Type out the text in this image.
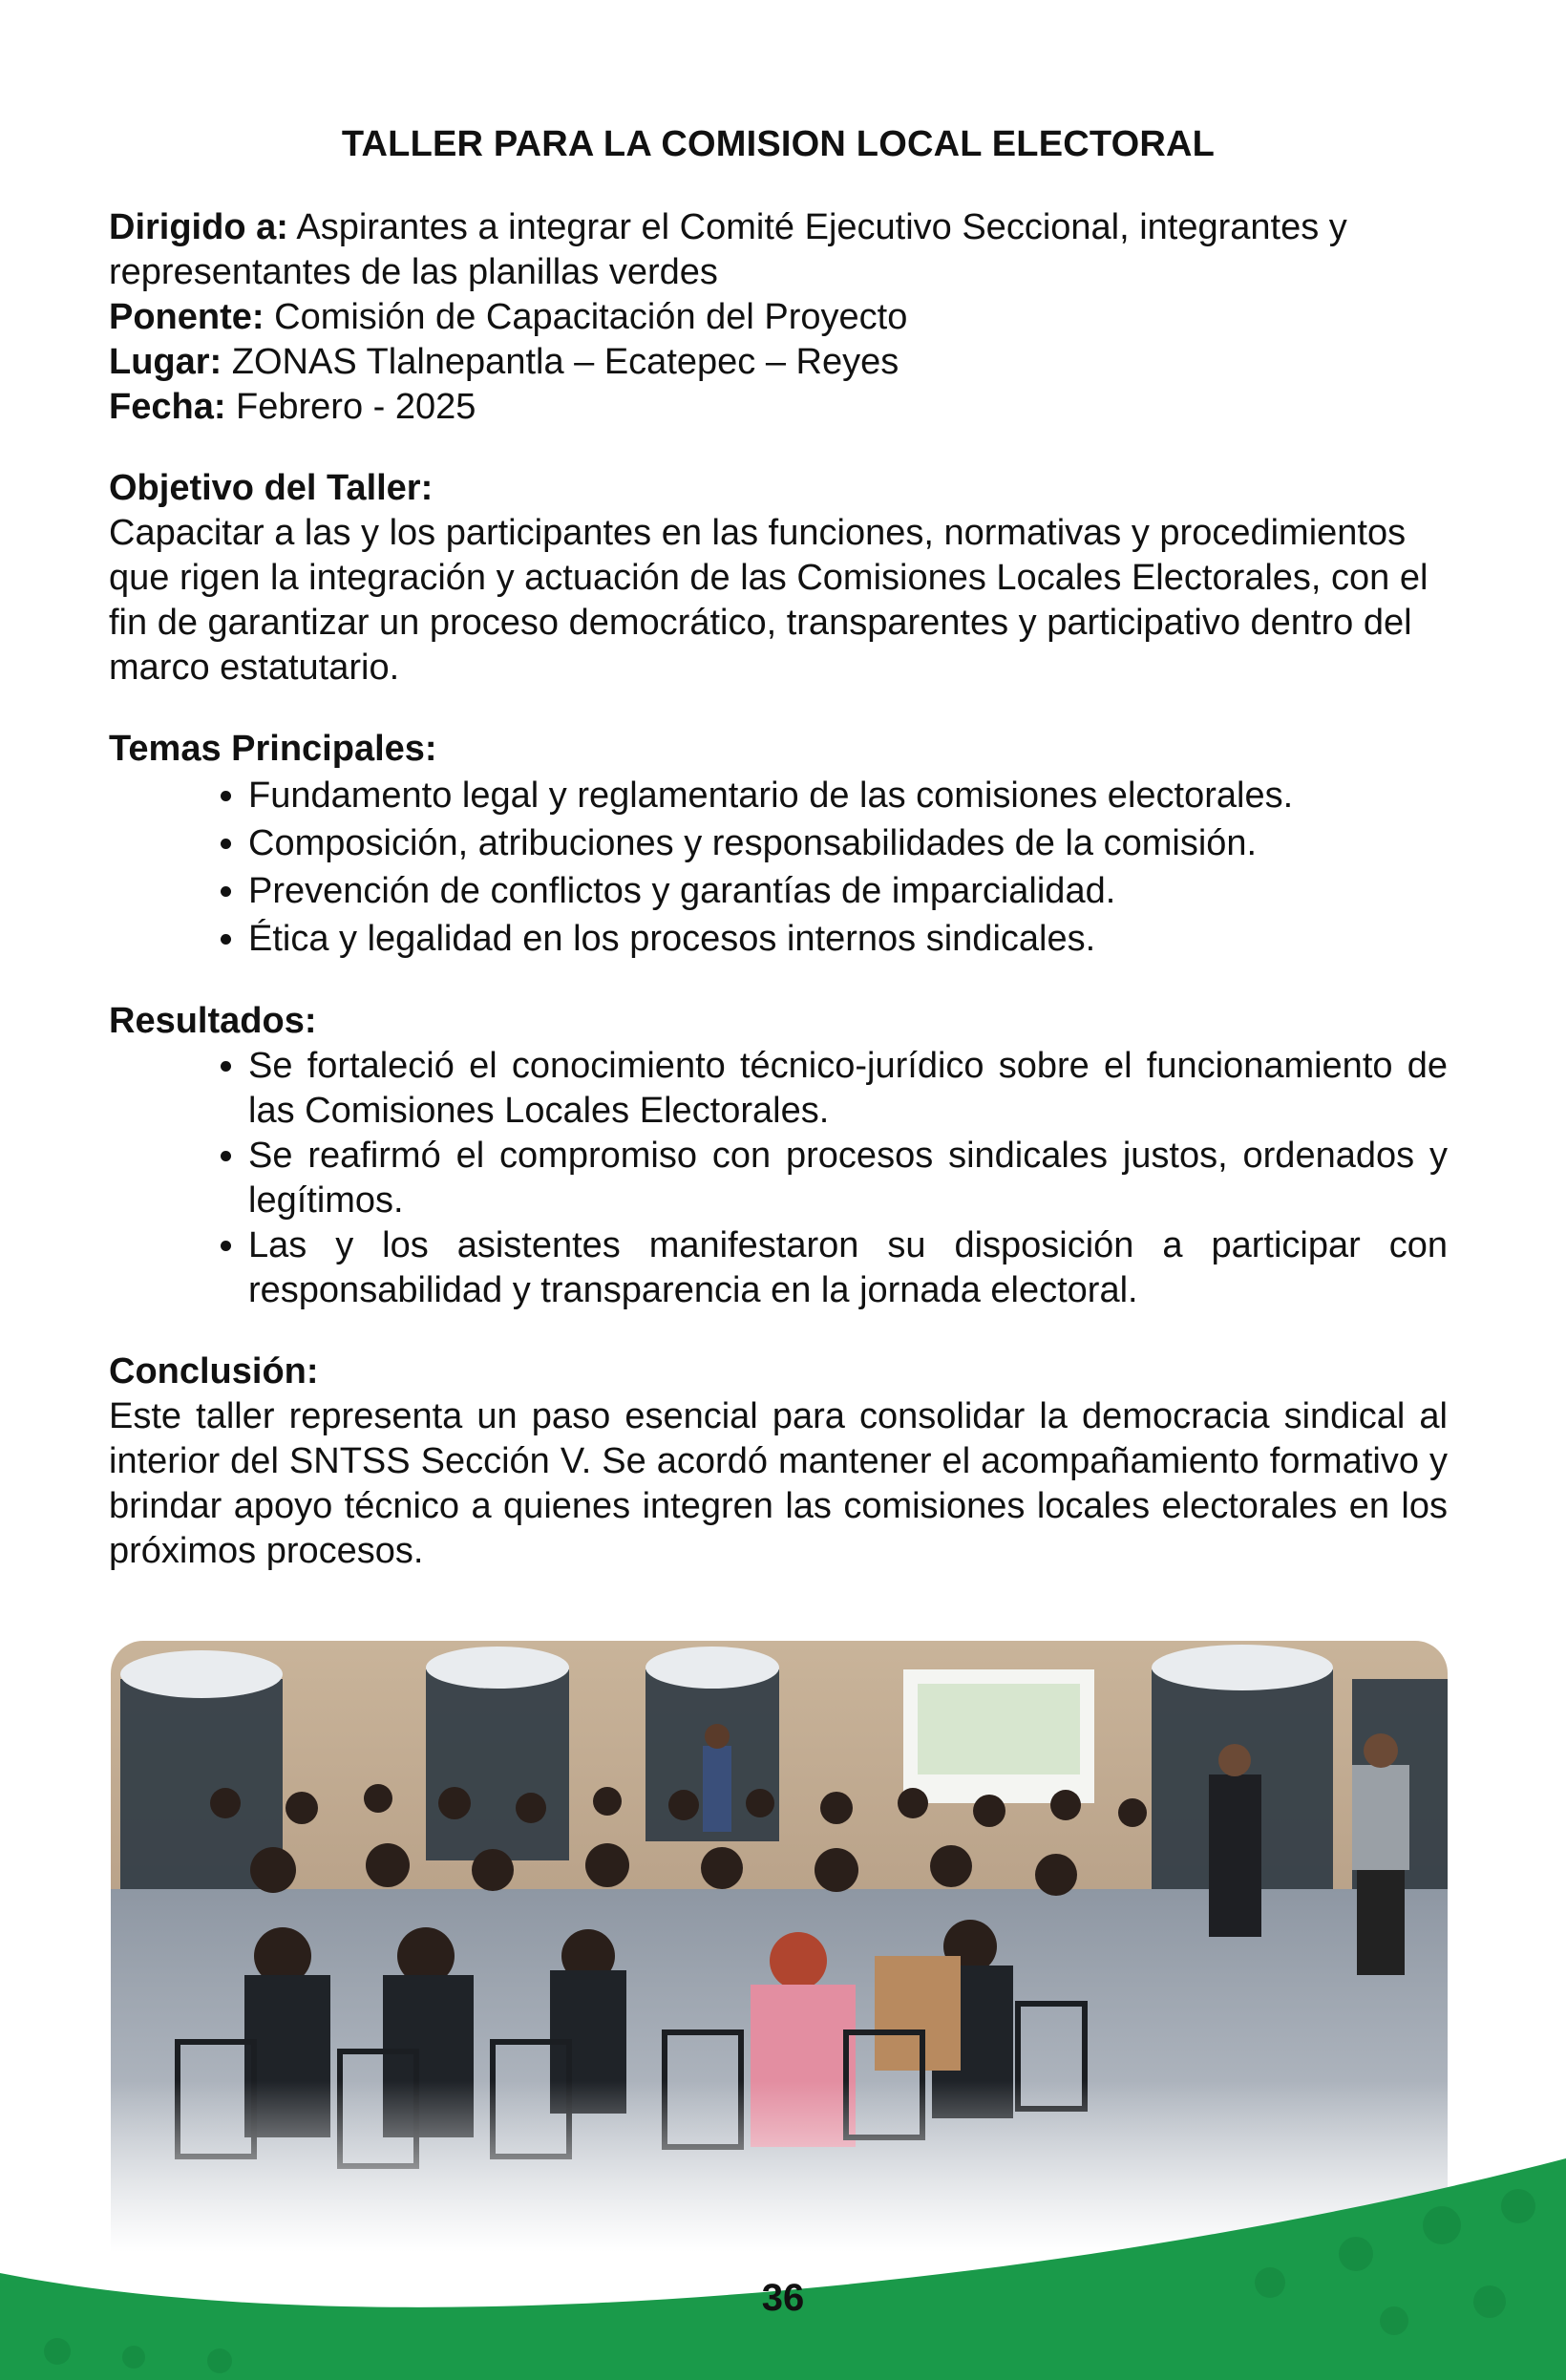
TALLER PARA LA COMISION LOCAL ELECTORAL

Dirigido a: Aspirantes a integrar el Comité Ejecutivo Seccional, integrantes y representantes de las planillas verdes

Ponente: Comisión de Capacitación del Proyecto

Lugar: ZONAS Tlalnepantla – Ecatepec – Reyes

Fecha: Febrero - 2025

Objetivo del Taller:

Capacitar a las y los participantes en las funciones, normativas y procedimientos que rigen la integración y actuación de las Comisiones Locales Electorales, con el fin de garantizar un proceso democrático, transparentes y participativo dentro del marco estatutario.

Temas Principales:
• Fundamento legal y reglamentario de las comisiones electorales.
• Composición, atribuciones y responsabilidades de la comisión.
• Prevención de conflictos y garantías de imparcialidad.
• Ética y legalidad en los procesos internos sindicales.
Resultados:
• Se fortaleció el conocimiento técnico-jurídico sobre el funcionamiento de las Comisiones Locales Electorales.
• Se reafirmó el compromiso con procesos sindicales justos, ordenados y legítimos.
• Las y los asistentes manifestaron su disposición a participar con responsabilidad y transparencia en la jornada electoral.
Conclusión:

Este taller representa un paso esencial para consolidar la democracia sindical al interior del SNTSS Sección V. Se acordó mantener el acompañamiento formativo y brindar apoyo técnico a quienes integren las comisiones locales electorales en los próximos procesos.

36
